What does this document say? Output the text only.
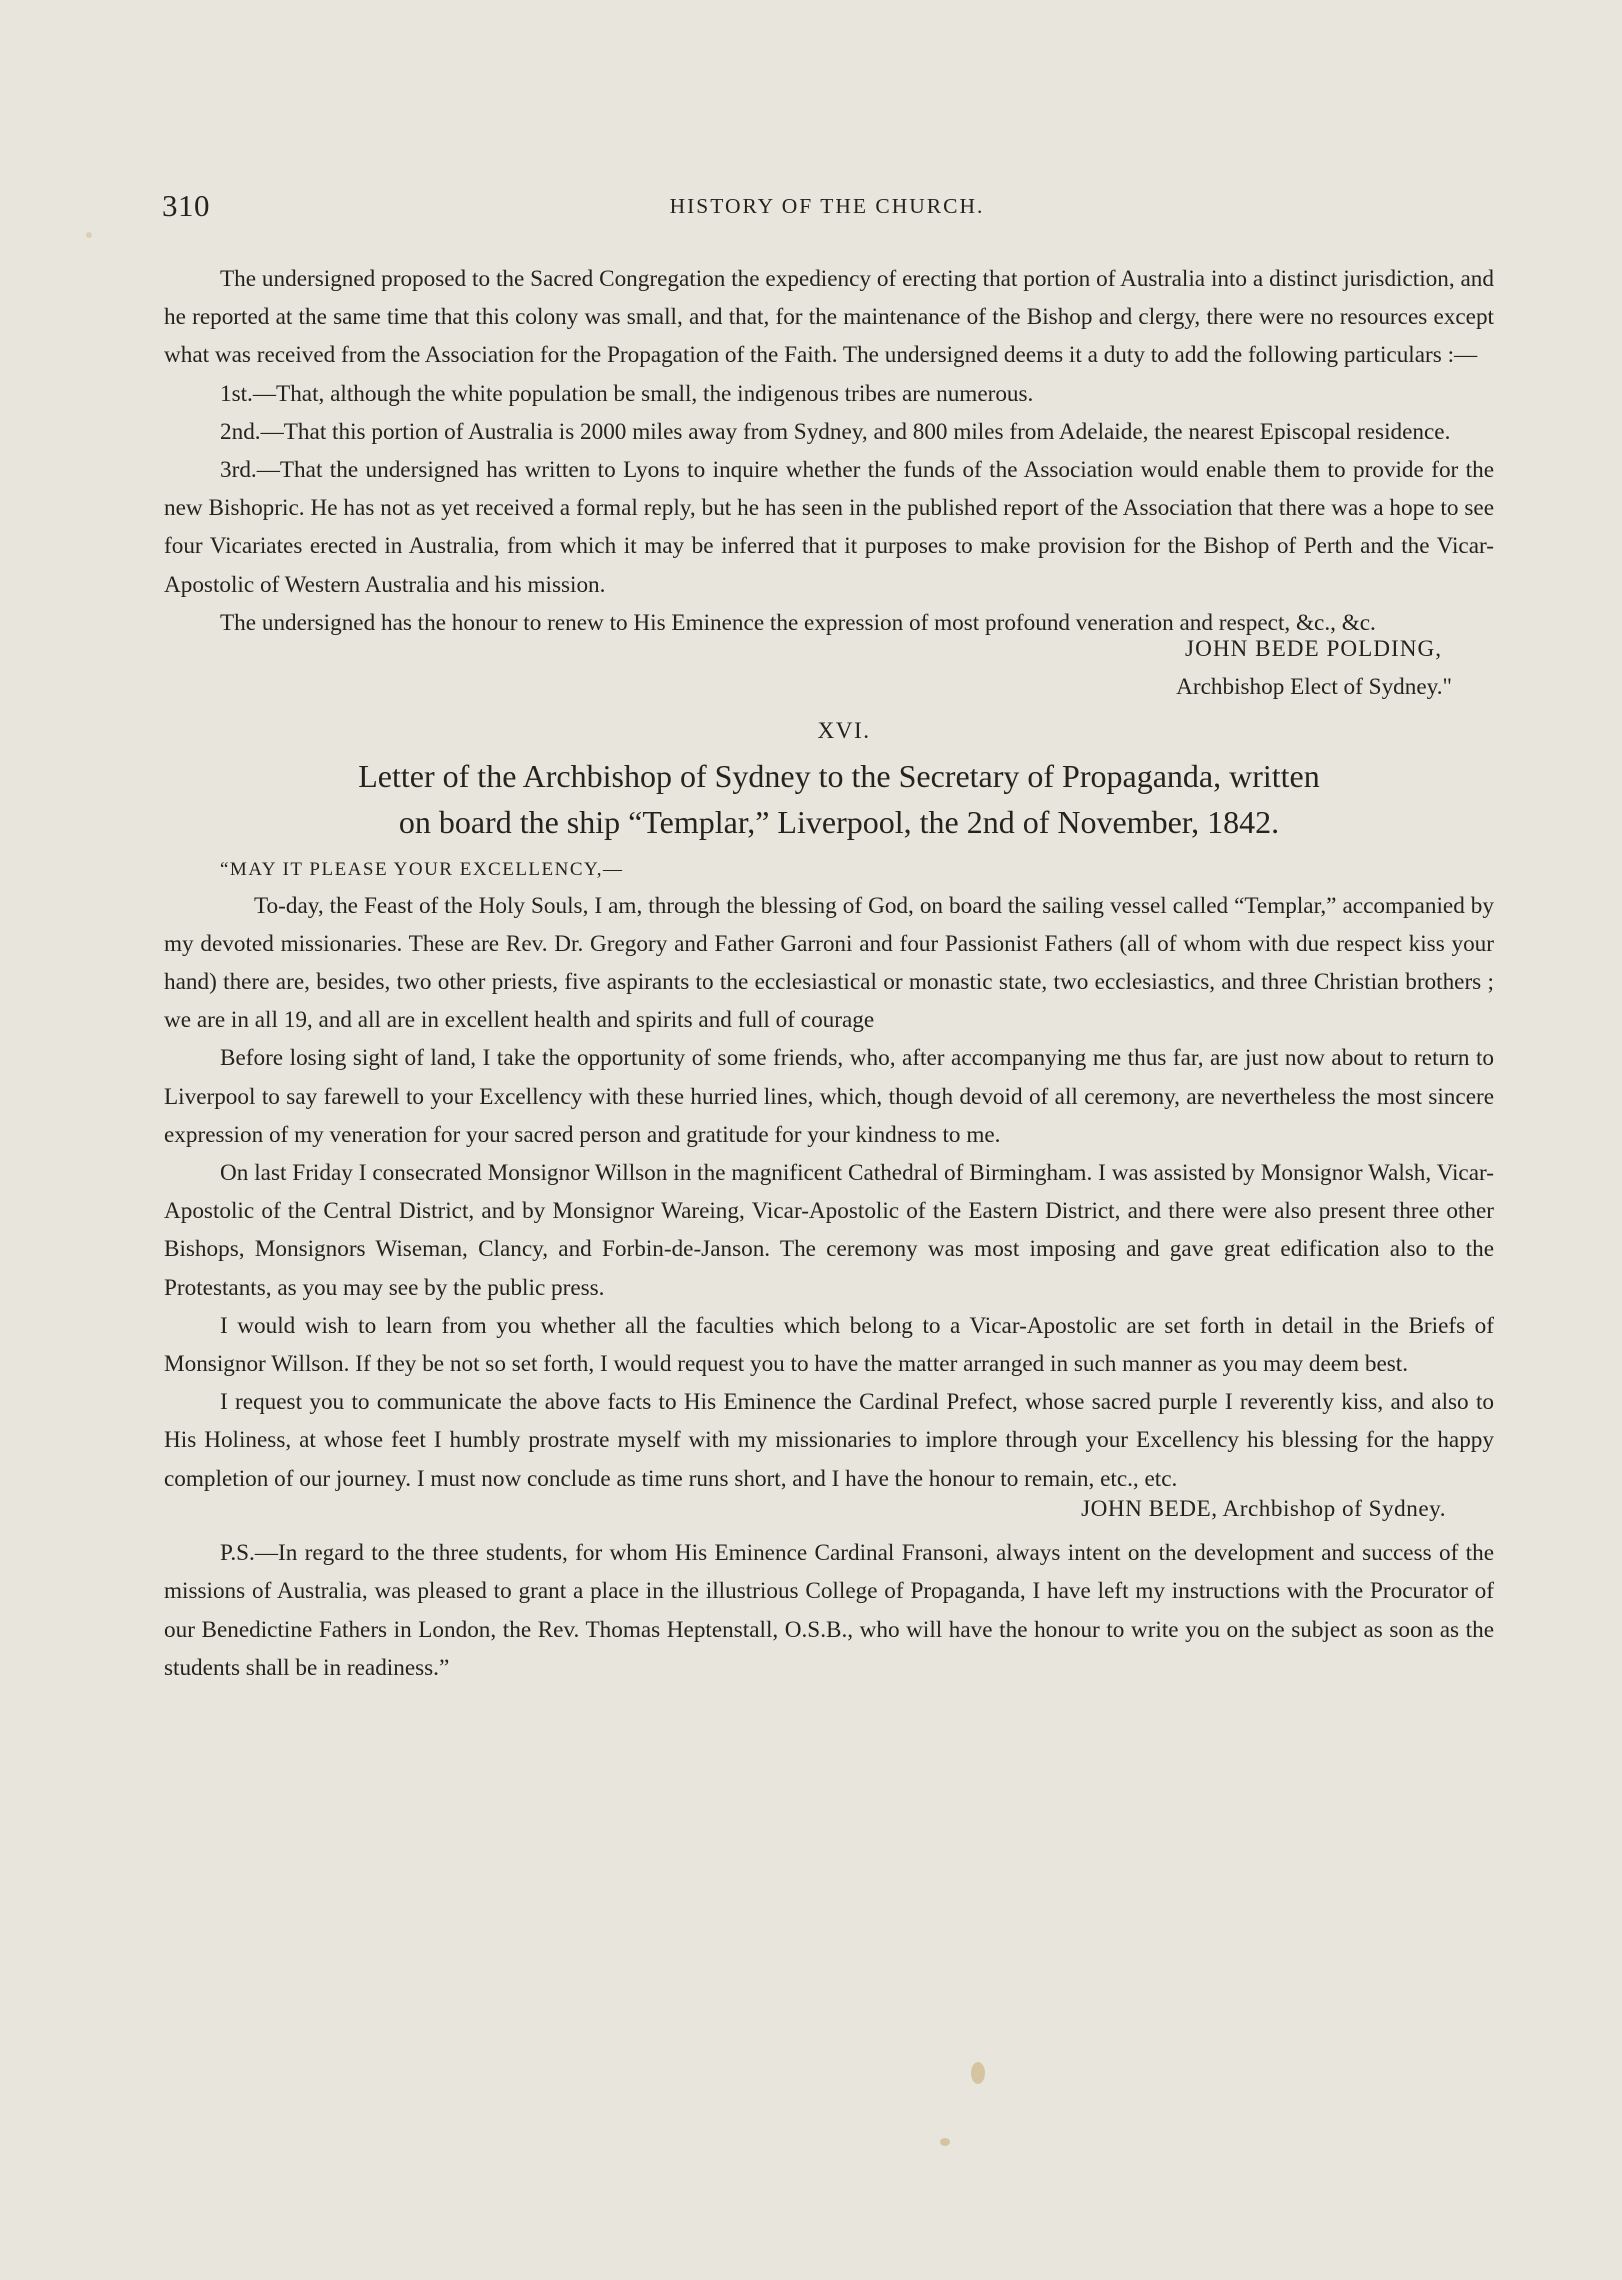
310	HISTORY OF THE CHURCH.

The undersigned proposed to the Sacred Congregation the expediency of erecting that portion of Australia into a distinct jurisdiction, and he reported at the same time that this colony was small, and that, for the maintenance of the Bishop and clergy, there were no resources except what was received from the Association for the Propagation of the Faith. The undersigned deems it a duty to add the following particulars :—

1st.—That, although the white population be small, the indigenous tribes are numerous.

2nd.—That this portion of Australia is 2000 miles away from Sydney, and 800 miles from Adelaide, the nearest Episcopal residence.

3rd.—That the undersigned has written to Lyons to inquire whether the funds of the Association would enable them to provide for the new Bishopric. He has not as yet received a formal reply, but he has seen in the published report of the Association that there was a hope to see four Vicariates erected in Australia, from which it may be inferred that it purposes to make provision for the Bishop of Perth and the Vicar-Apostolic of Western Australia and his mission.

The undersigned has the honour to renew to His Eminence the expression of most profound veneration and respect, &c., &c.

JOHN BEDE POLDING,
Archbishop Elect of Sydney."
XVI.
Letter of the Archbishop of Sydney to the Secretary of Propaganda, written
on board the ship “Templar,” Liverpool, the 2nd of November, 1842.

“MAY IT PLEASE YOUR EXCELLENCY,—

To-day, the Feast of the Holy Souls, I am, through the blessing of God, on board the sailing vessel called “Templar,” accompanied by my devoted missionaries. These are Rev. Dr. Gregory and Father Garroni and four Passionist Fathers (all of whom with due respect kiss your hand) there are, besides, two other priests, five aspirants to the ecclesiastical or monastic state, two ecclesiastics, and three Christian brothers ; we are in all 19, and all are in excellent health and spirits and full of courage

Before losing sight of land, I take the opportunity of some friends, who, after accompanying me thus far, are just now about to return to Liverpool to say farewell to your Excellency with these hurried lines, which, though devoid of all ceremony, are nevertheless the most sincere expression of my veneration for your sacred person and gratitude for your kindness to me.

On last Friday I consecrated Monsignor Willson in the magnificent Cathedral of Birmingham. I was assisted by Monsignor Walsh, Vicar-Apostolic of the Central District, and by Monsignor Wareing, Vicar-Apostolic of the Eastern District, and there were also present three other Bishops, Monsignors Wiseman, Clancy, and Forbin-de-Janson. The ceremony was most imposing and gave great edification also to the Protestants, as you may see by the public press.

I would wish to learn from you whether all the faculties which belong to a Vicar-Apostolic are set forth in detail in the Briefs of Monsignor Willson. If they be not so set forth, I would request you to have the matter arranged in such manner as you may deem best.

I request you to communicate the above facts to His Eminence the Cardinal Prefect, whose sacred purple I reverently kiss, and also to His Holiness, at whose feet I humbly prostrate myself with my missionaries to implore through your Excellency his blessing for the happy completion of our journey. I must now conclude as time runs short, and I have the honour to remain, etc., etc.

JOHN BEDE, Archbishop of Sydney.

P.S.—In regard to the three students, for whom His Eminence Cardinal Fransoni, always intent on the development and success of the missions of Australia, was pleased to grant a place in the illustrious College of Propaganda, I have left my instructions with the Procurator of our Benedictine Fathers in London, the Rev. Thomas Heptenstall, O.S.B., who will have the honour to write you on the subject as soon as the students shall be in readiness.”
